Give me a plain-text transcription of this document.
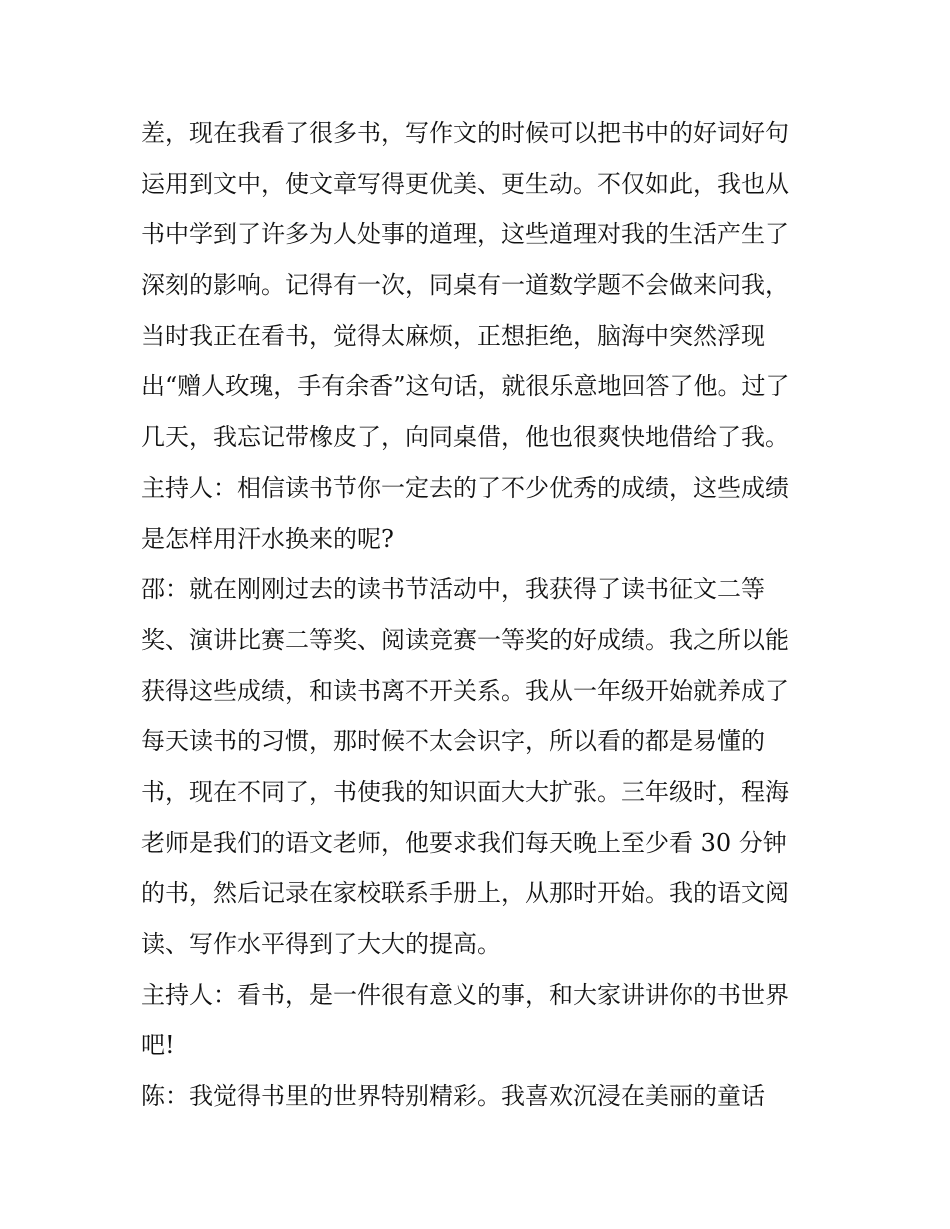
差，现在我看了很多书，写作文的时候可以把书中的好词好句
运用到文中，使文章写得更优美、更生动。不仅如此，我也从
书中学到了许多为人处事的道理，这些道理对我的生活产生了
深刻的影响。记得有一次，同桌有一道数学题不会做来问我，
当时我正在看书，觉得太麻烦，正想拒绝，脑海中突然浮现
出“赠人玫瑰，手有余香”这句话，就很乐意地回答了他。过了
几天，我忘记带橡皮了，向同桌借，他也很爽快地借给了我。
主持人：相信读书节你一定去的了不少优秀的成绩，这些成绩
是怎样用汗水换来的呢?
邵：就在刚刚过去的读书节活动中，我获得了读书征文二等
奖、演讲比赛二等奖、阅读竞赛一等奖的好成绩。我之所以能
获得这些成绩，和读书离不开关系。我从一年级开始就养成了
每天读书的习惯，那时候不太会识字，所以看的都是易懂的
书，现在不同了，书使我的知识面大大扩张。三年级时，程海
老师是我们的语文老师，他要求我们每天晚上至少看 30 分钟
的书，然后记录在家校联系手册上，从那时开始。我的语文阅
读、写作水平得到了大大的提高。
主持人：看书，是一件很有意义的事，和大家讲讲你的书世界
吧!
陈：我觉得书里的世界特别精彩。我喜欢沉浸在美丽的童话
